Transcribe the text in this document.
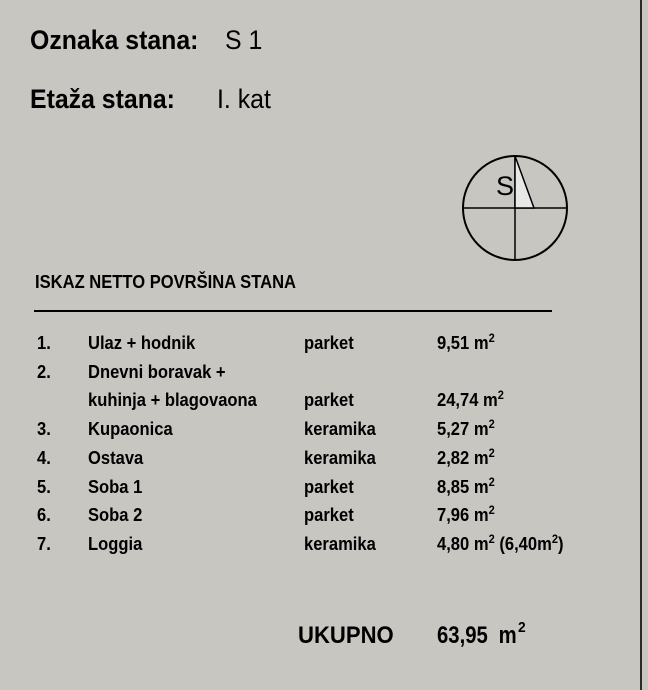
Oznaka stana: S 1
Etaža stana: I. kat
S
ISKAZ NETTO POVRŠINA STANA
1. Ulaz + hodnik	parket	9,51 $m^2$
2. Dnevni boravak +
kuhinja + blagovaona	parket	24,74 $m^2$
3. Kupaonica	keramika	5,27 $m^2$
4. Ostava	keramika	2,82 $m^2$
5. Soba 1	parket	8,85 $m^2$
6. Soba 2	parket	7,96 $m^2$
7. Loggia	keramika	4,80 $m^2$ $(6,40m^2)$
UKUPNO	63,95 m $^2$
